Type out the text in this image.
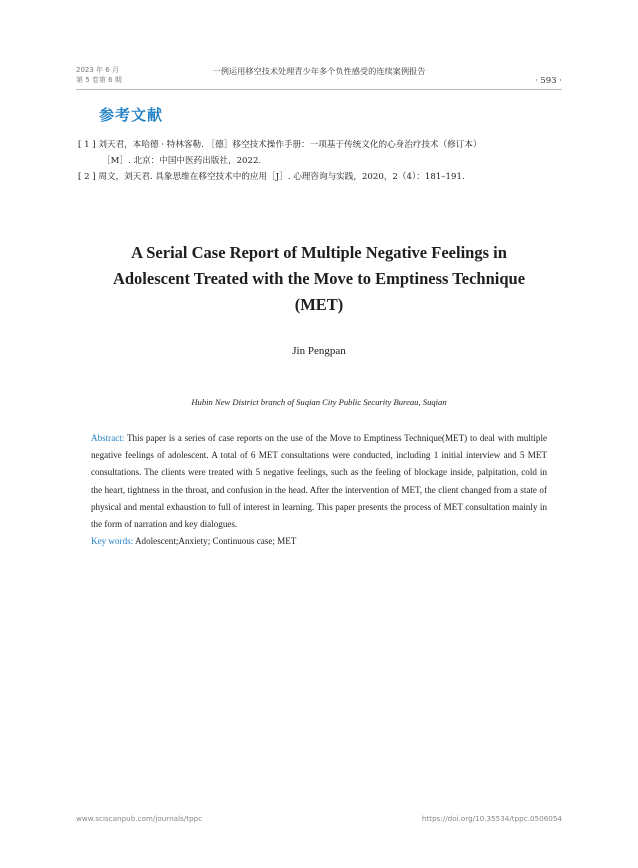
2023 年 6 月
第 5 卷第 6 期
一例运用移空技术处理青少年多个负性感受的连续案例报告
· 593 ·
参考文献

[ 1 ] 刘天君，本哈德 · 特林客勒. ［德］移空技术操作手册：一项基于传统文化的心身治疗技术（修订本）
［M］. 北京：中国中医药出版社，2022.

[ 2 ] 周文，刘天君. 具象思维在移空技术中的应用［J］. 心理咨询与实践，2020，2（4）：181–191.

A Serial Case Report of Multiple Negative Feelings in
Adolescent Treated with the Move to Emptiness Technique
(MET)
Jin Pengpan
Hubin New District branch of Suqian City Public Security Bureau, Suqian

Abstract: This paper is a series of case reports on the use of the Move to Emptiness Technique(MET) to deal with multiple negative feelings of adolescent. A total of 6 MET consultations were conducted, including 1 initial interview and 5 MET consultations. The clients were treated with 5 negative feelings, such as the feeling of blockage inside, palpitation, cold in the heart, tightness in the throat, and confusion in the head. After the intervention of MET, the client changed from a state of physical and mental exhaustion to full of interest in learning. This paper presents the process of MET consultation mainly in the form of narration and key dialogues.

Key words: Adolescent;Anxiety; Continuous case; MET

www.sciscanpub.com/journals/tppc	https://doi.org/10.35534/tppc.0506054
